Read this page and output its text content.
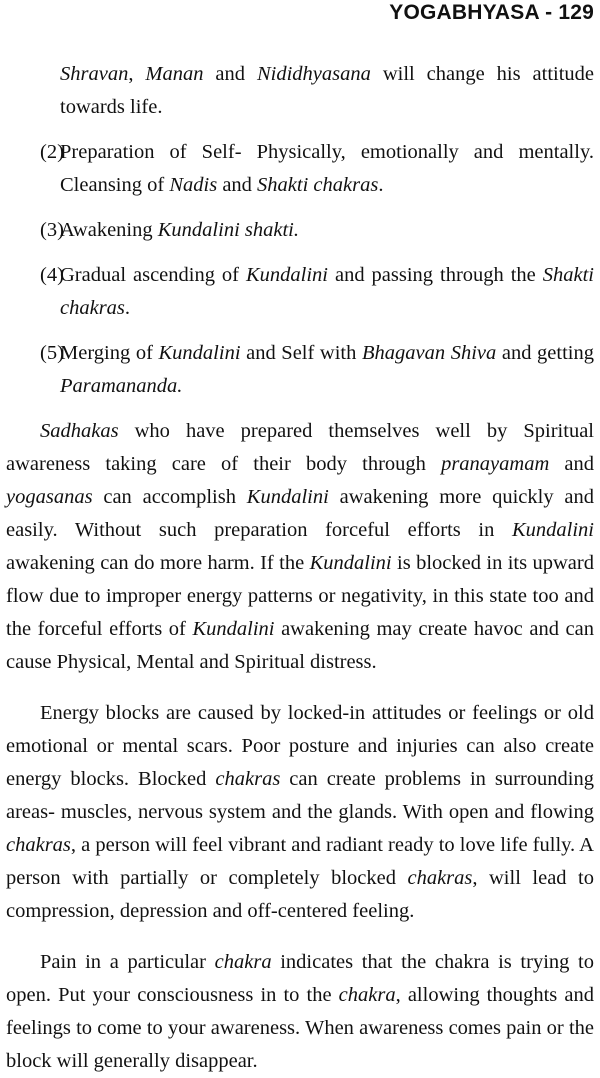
YOGABHYASA - 129

Shravan, Manan and Nididhyasana will change his attitude towards life.

(2)

Preparation of Self- Physically, emotionally and mentally. Cleansing of Nadis and Shakti chakras.

(3)

Awakening Kundalini shakti.

(4)

Gradual ascending of Kundalini and passing through the Shakti chakras.

(5)

Merging of Kundalini and Self with Bhagavan Shiva and getting Paramananda.

Sadhakas who have prepared themselves well by Spiritual awareness taking care of their body through pranayamam and yogasanas can accomplish Kundalini awakening more quickly and easily. Without such preparation forceful efforts in Kundalini awakening can do more harm. If the Kundalini is blocked in its upward flow due to improper energy patterns or negativity, in this state too and the forceful efforts of Kundalini awakening may create havoc and can cause Physical, Mental and Spiritual distress.

Energy blocks are caused by locked-in attitudes or feelings or old emotional or mental scars. Poor posture and injuries can also create energy blocks. Blocked chakras can create problems in surrounding areas- muscles, nervous system and the glands. With open and flowing chakras, a person will feel vibrant and radiant ready to love life fully. A person with partially or completely blocked chakras, will lead to compression, depression and off-centered feeling.

Pain in a particular chakra indicates that the chakra is trying to open. Put your consciousness in to the chakra, allowing thoughts and feelings to come to your awareness. When awareness comes pain or the block will generally disappear.
